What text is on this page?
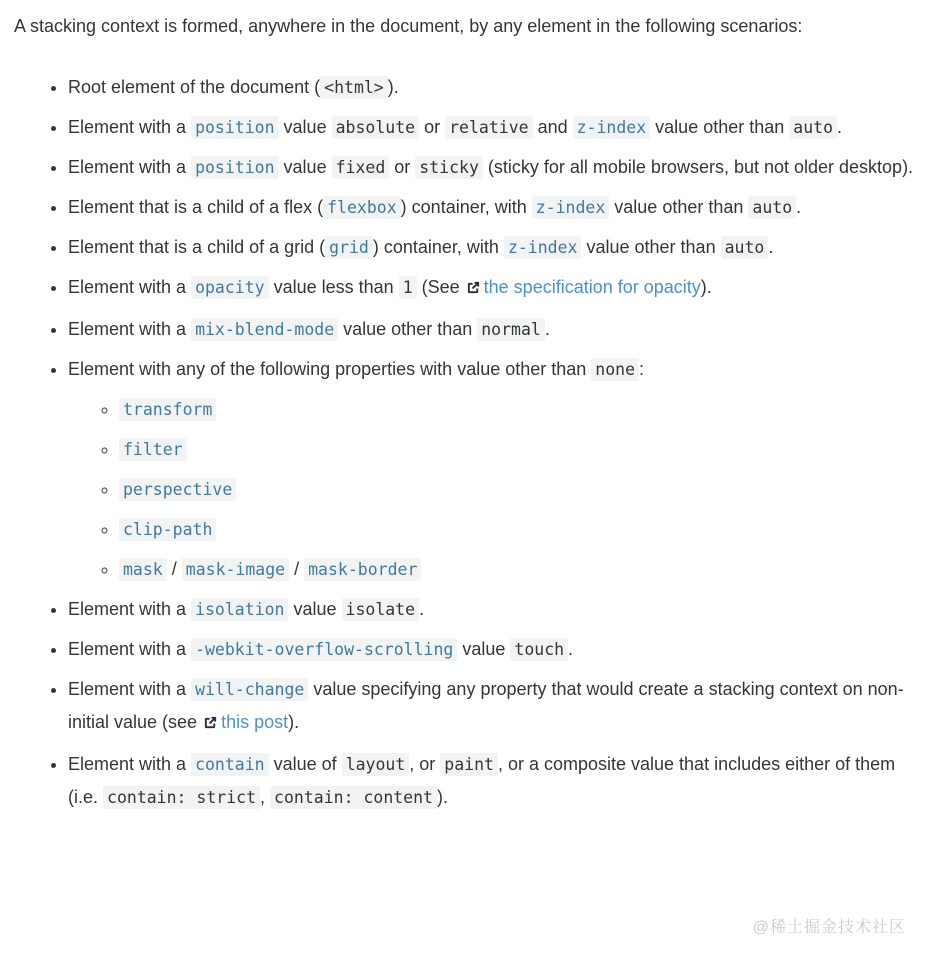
A stacking context is formed, anywhere in the document, by any element in the following scenarios:

• Root element of the document ( <html> ).
• Element with a position value absolute or relative and z-index value other than auto .
• Element with a position value fixed or sticky (sticky for all mobile browsers, but not older desktop).
• Element that is a child of a flex ( flexbox ) container, with z-index value other than auto .
• Element that is a child of a grid ( grid ) container, with z-index value other than auto .
• Element with a opacity value less than 1 (See the specification for opacity).
• Element with a mix-blend-mode value other than normal .
• Element with any of the following properties with value other than none :
◦ transform
◦ filter
◦ perspective
◦ clip-path
◦ mask / mask-image / mask-border
• Element with a isolation value isolate .
• Element with a -webkit-overflow-scrolling value touch .
• Element with a will-change value specifying any property that would create a stacking context on non-initial value (see this post).
• Element with a contain value of layout , or paint , or a composite value that includes either of them (i.e. contain: strict , contain: content ).
@稀土掘金技术社区
